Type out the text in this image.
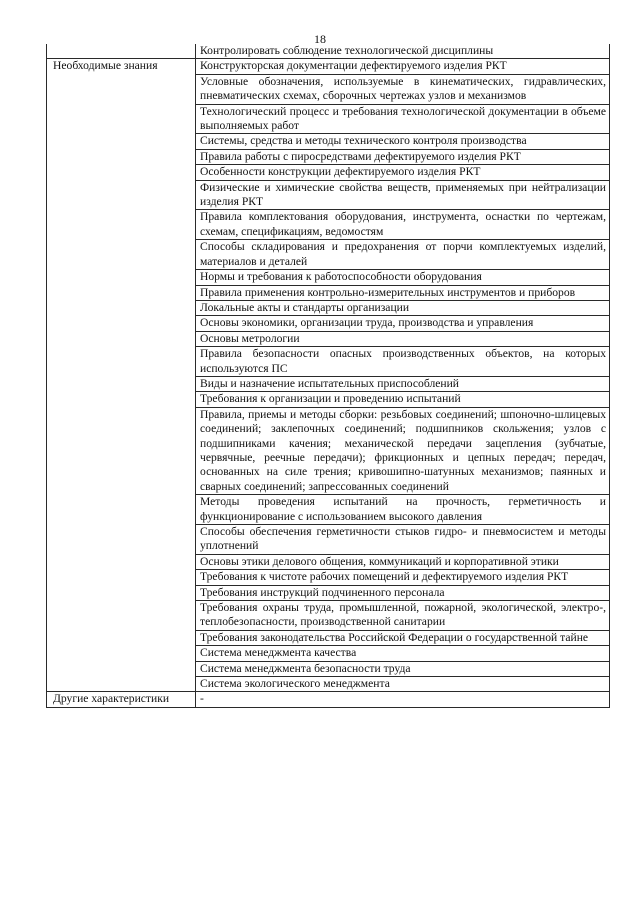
18
	Контролировать соблюдение технологической дисциплины
Необходимые знания	Конструкторская документации дефектируемого изделия РКТ
	Условные обозначения, используемые в кинематических, гидравлических, пневматических схемах, сборочных чертежах узлов и механизмов
	Технологический процесс и требования технологической документации в объеме выполняемых работ
	Системы, средства и методы технического контроля производства
	Правила работы с пиросредствами дефектируемого изделия РКТ
	Особенности конструкции дефектируемого изделия РКТ
	Физические и химические свойства веществ, применяемых при нейтрализации изделия РКТ
	Правила комплектования оборудования, инструмента, оснастки по чертежам, схемам, спецификациям, ведомостям
	Способы складирования и предохранения от порчи комплектуемых изделий, материалов и деталей
	Нормы и требования к работоспособности оборудования
	Правила применения контрольно-измерительных инструментов и приборов
	Локальные акты и стандарты организации
	Основы экономики, организации труда, производства и управления
	Основы метрологии
	Правила безопасности опасных производственных объектов, на которых используются ПС
	Виды и назначение испытательных приспособлений
	Требования к организации и проведению испытаний
	Правила, приемы и методы сборки: резьбовых соединений; шпоночно-шлицевых соединений; заклепочных соединений; подшипников скольжения; узлов с подшипниками качения; механической передачи зацепления (зубчатые, червячные, реечные передачи); фрикционных и цепных передач; передач, основанных на силе трения; кривошипно-шатунных механизмов; паянных и сварных соединений; запрессованных соединений
	Методы проведения испытаний на прочность, герметичность и функционирование с использованием высокого давления
	Способы обеспечения герметичности стыков гидро- и пневмосистем и методы уплотнений
	Основы этики делового общения, коммуникаций и корпоративной этики
	Требования к чистоте рабочих помещений и дефектируемого изделия РКТ
	Требования инструкций подчиненного персонала
	Требования охраны труда, промышленной, пожарной, экологической, электро-, теплобезопасности, производственной санитарии
	Требования законодательства Российской Федерации о государственной тайне
	Система менеджмента качества
	Система менеджмента безопасности труда
	Система экологического менеджмента
Другие характеристики	-
